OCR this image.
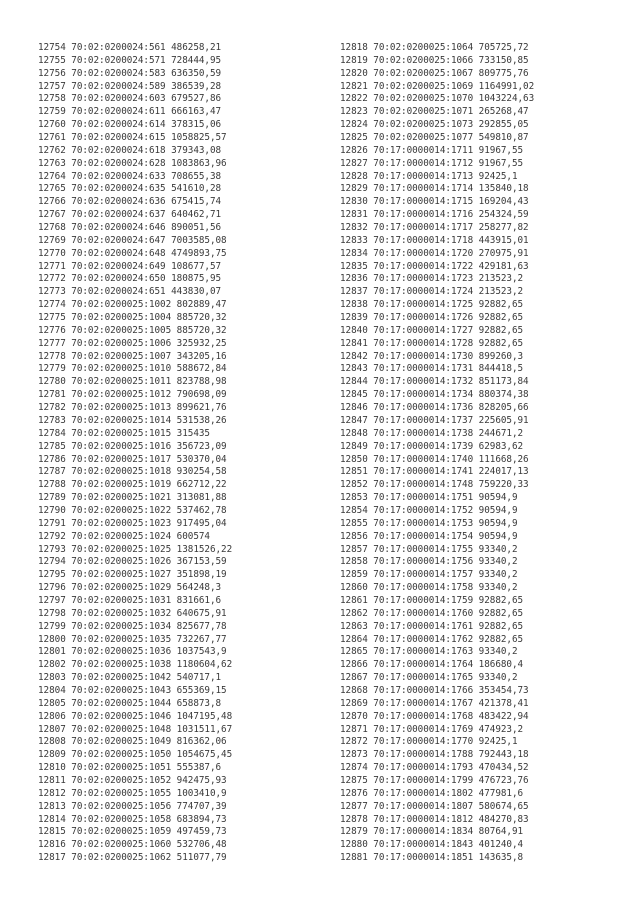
12754 70:02:0200024:561 486258,21
12755 70:02:0200024:571 728444,95
12756 70:02:0200024:583 636350,59
12757 70:02:0200024:589 386539,28
12758 70:02:0200024:603 679527,86
12759 70:02:0200024:611 666163,47
12760 70:02:0200024:614 378315,06
12761 70:02:0200024:615 1058825,57
12762 70:02:0200024:618 379343,08
12763 70:02:0200024:628 1083863,96
12764 70:02:0200024:633 708655,38
12765 70:02:0200024:635 541610,28
12766 70:02:0200024:636 675415,74
12767 70:02:0200024:637 640462,71
12768 70:02:0200024:646 890051,56
12769 70:02:0200024:647 7003585,08
12770 70:02:0200024:648 4749893,75
12771 70:02:0200024:649 108677,57
12772 70:02:0200024:650 180875,95
12773 70:02:0200024:651 443830,07
12774 70:02:0200025:1002 802889,47
12775 70:02:0200025:1004 885720,32
12776 70:02:0200025:1005 885720,32
12777 70:02:0200025:1006 325932,25
12778 70:02:0200025:1007 343205,16
12779 70:02:0200025:1010 588672,84
12780 70:02:0200025:1011 823788,98
12781 70:02:0200025:1012 790698,09
12782 70:02:0200025:1013 899621,76
12783 70:02:0200025:1014 531538,26
12784 70:02:0200025:1015 315435
12785 70:02:0200025:1016 356723,09
12786 70:02:0200025:1017 530370,04
12787 70:02:0200025:1018 930254,58
12788 70:02:0200025:1019 662712,22
12789 70:02:0200025:1021 313081,88
12790 70:02:0200025:1022 537462,78
12791 70:02:0200025:1023 917495,04
12792 70:02:0200025:1024 600574
12793 70:02:0200025:1025 1381526,22
12794 70:02:0200025:1026 367153,59
12795 70:02:0200025:1027 351898,19
12796 70:02:0200025:1029 564248,3
12797 70:02:0200025:1031 831661,6
12798 70:02:0200025:1032 640675,91
12799 70:02:0200025:1034 825677,78
12800 70:02:0200025:1035 732267,77
12801 70:02:0200025:1036 1037543,9
12802 70:02:0200025:1038 1180604,62
12803 70:02:0200025:1042 540717,1
12804 70:02:0200025:1043 655369,15
12805 70:02:0200025:1044 658873,8
12806 70:02:0200025:1046 1047195,48
12807 70:02:0200025:1048 1031511,67
12808 70:02:0200025:1049 816362,06
12809 70:02:0200025:1050 1054675,45
12810 70:02:0200025:1051 555387,6
12811 70:02:0200025:1052 942475,93
12812 70:02:0200025:1055 1003410,9
12813 70:02:0200025:1056 774707,39
12814 70:02:0200025:1058 683894,73
12815 70:02:0200025:1059 497459,73
12816 70:02:0200025:1060 532706,48
12817 70:02:0200025:1062 511077,79
12818 70:02:0200025:1064 705725,72
12819 70:02:0200025:1066 733150,85
12820 70:02:0200025:1067 809775,76
12821 70:02:0200025:1069 1164991,02
12822 70:02:0200025:1070 1043224,63
12823 70:02:0200025:1071 265268,47
12824 70:02:0200025:1073 292855,05
12825 70:02:0200025:1077 549810,87
12826 70:17:0000014:1711 91967,55
12827 70:17:0000014:1712 91967,55
12828 70:17:0000014:1713 92425,1
12829 70:17:0000014:1714 135840,18
12830 70:17:0000014:1715 169204,43
12831 70:17:0000014:1716 254324,59
12832 70:17:0000014:1717 258277,82
12833 70:17:0000014:1718 443915,01
12834 70:17:0000014:1720 270975,91
12835 70:17:0000014:1722 429181,63
12836 70:17:0000014:1723 213523,2
12837 70:17:0000014:1724 213523,2
12838 70:17:0000014:1725 92882,65
12839 70:17:0000014:1726 92882,65
12840 70:17:0000014:1727 92882,65
12841 70:17:0000014:1728 92882,65
12842 70:17:0000014:1730 899260,3
12843 70:17:0000014:1731 844418,5
12844 70:17:0000014:1732 851173,84
12845 70:17:0000014:1734 880374,38
12846 70:17:0000014:1736 828205,66
12847 70:17:0000014:1737 225605,91
12848 70:17:0000014:1738 244671,2
12849 70:17:0000014:1739 62983,62
12850 70:17:0000014:1740 111668,26
12851 70:17:0000014:1741 224017,13
12852 70:17:0000014:1748 759220,33
12853 70:17:0000014:1751 90594,9
12854 70:17:0000014:1752 90594,9
12855 70:17:0000014:1753 90594,9
12856 70:17:0000014:1754 90594,9
12857 70:17:0000014:1755 93340,2
12858 70:17:0000014:1756 93340,2
12859 70:17:0000014:1757 93340,2
12860 70:17:0000014:1758 93340,2
12861 70:17:0000014:1759 92882,65
12862 70:17:0000014:1760 92882,65
12863 70:17:0000014:1761 92882,65
12864 70:17:0000014:1762 92882,65
12865 70:17:0000014:1763 93340,2
12866 70:17:0000014:1764 186680,4
12867 70:17:0000014:1765 93340,2
12868 70:17:0000014:1766 353454,73
12869 70:17:0000014:1767 421378,41
12870 70:17:0000014:1768 483422,94
12871 70:17:0000014:1769 474923,2
12872 70:17:0000014:1770 92425,1
12873 70:17:0000014:1788 792443,18
12874 70:17:0000014:1793 470434,52
12875 70:17:0000014:1799 476723,76
12876 70:17:0000014:1802 477981,6
12877 70:17:0000014:1807 580674,65
12878 70:17:0000014:1812 484270,83
12879 70:17:0000014:1834 80764,91
12880 70:17:0000014:1843 401240,4
12881 70:17:0000014:1851 143635,8
